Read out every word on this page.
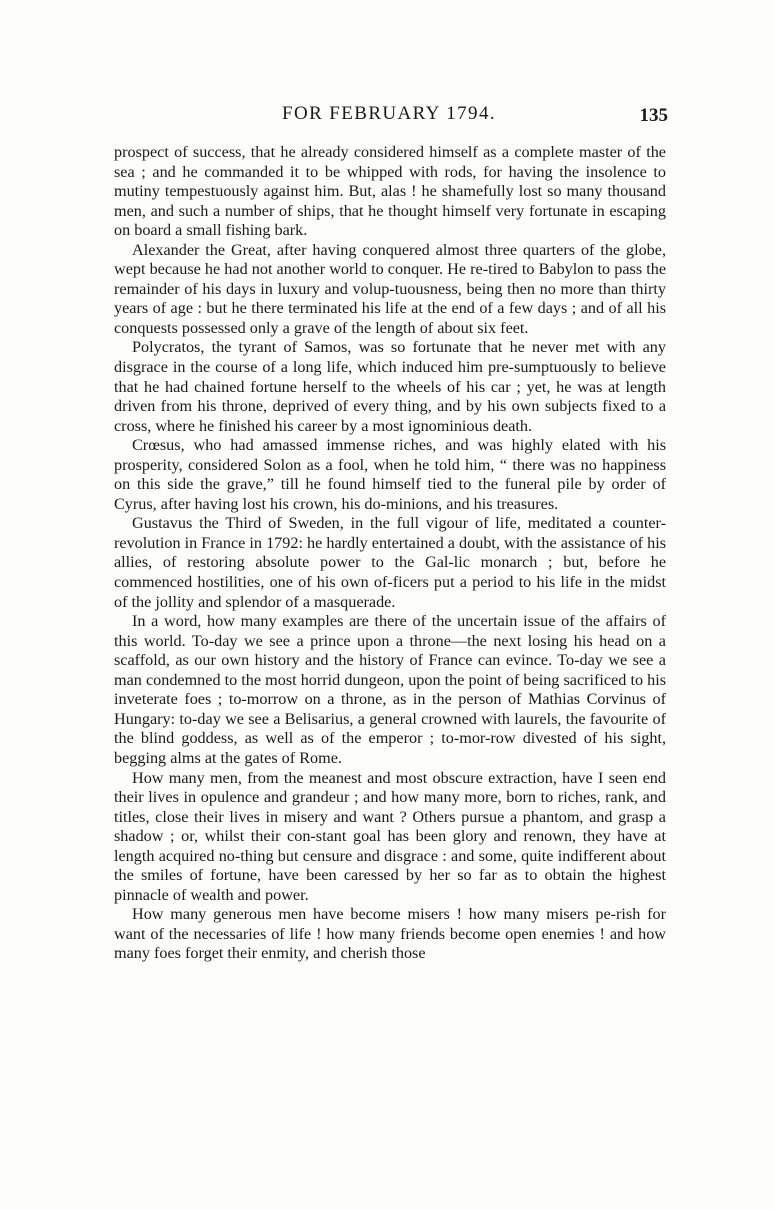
FOR FEBRUARY 1794.	135

prospect of success, that he already considered himself as a complete master of the sea ; and he commanded it to be whipped with rods, for having the insolence to mutiny tempestuously against him. But, alas ! he shamefully lost so many thousand men, and such a number of ships, that he thought himself very fortunate in escaping on board a small fishing bark.

Alexander the Great, after having conquered almost three quarters of the globe, wept because he had not another world to conquer. He re-tired to Babylon to pass the remainder of his days in luxury and volup-tuousness, being then no more than thirty years of age : but he there terminated his life at the end of a few days ; and of all his conquests possessed only a grave of the length of about six feet.

Polycratos, the tyrant of Samos, was so fortunate that he never met with any disgrace in the course of a long life, which induced him pre-sumptuously to believe that he had chained fortune herself to the wheels of his car ; yet, he was at length driven from his throne, deprived of every thing, and by his own subjects fixed to a cross, where he finished his career by a most ignominious death.

Crœsus, who had amassed immense riches, and was highly elated with his prosperity, considered Solon as a fool, when he told him, “ there was no happiness on this side the grave,” till he found himself tied to the funeral pile by order of Cyrus, after having lost his crown, his do-minions, and his treasures.

Gustavus the Third of Sweden, in the full vigour of life, meditated a counter-revolution in France in 1792: he hardly entertained a doubt, with the assistance of his allies, of restoring absolute power to the Gal-lic monarch ; but, before he commenced hostilities, one of his own of-ficers put a period to his life in the midst of the jollity and splendor of a masquerade.

In a word, how many examples are there of the uncertain issue of the affairs of this world. To-day we see a prince upon a throne—the next losing his head on a scaffold, as our own history and the history of France can evince. To-day we see a man condemned to the most horrid dungeon, upon the point of being sacrificed to his inveterate foes ; to-morrow on a throne, as in the person of Mathias Corvinus of Hungary: to-day we see a Belisarius, a general crowned with laurels, the favourite of the blind goddess, as well as of the emperor ; to-mor-row divested of his sight, begging alms at the gates of Rome.

How many men, from the meanest and most obscure extraction, have I seen end their lives in opulence and grandeur ; and how many more, born to riches, rank, and titles, close their lives in misery and want ? Others pursue a phantom, and grasp a shadow ; or, whilst their con-stant goal has been glory and renown, they have at length acquired no-thing but censure and disgrace : and some, quite indifferent about the smiles of fortune, have been caressed by her so far as to obtain the highest pinnacle of wealth and power.

How many generous men have become misers ! how many misers pe-rish for want of the necessaries of life ! how many friends become open enemies ! and how many foes forget their enmity, and cherish those
